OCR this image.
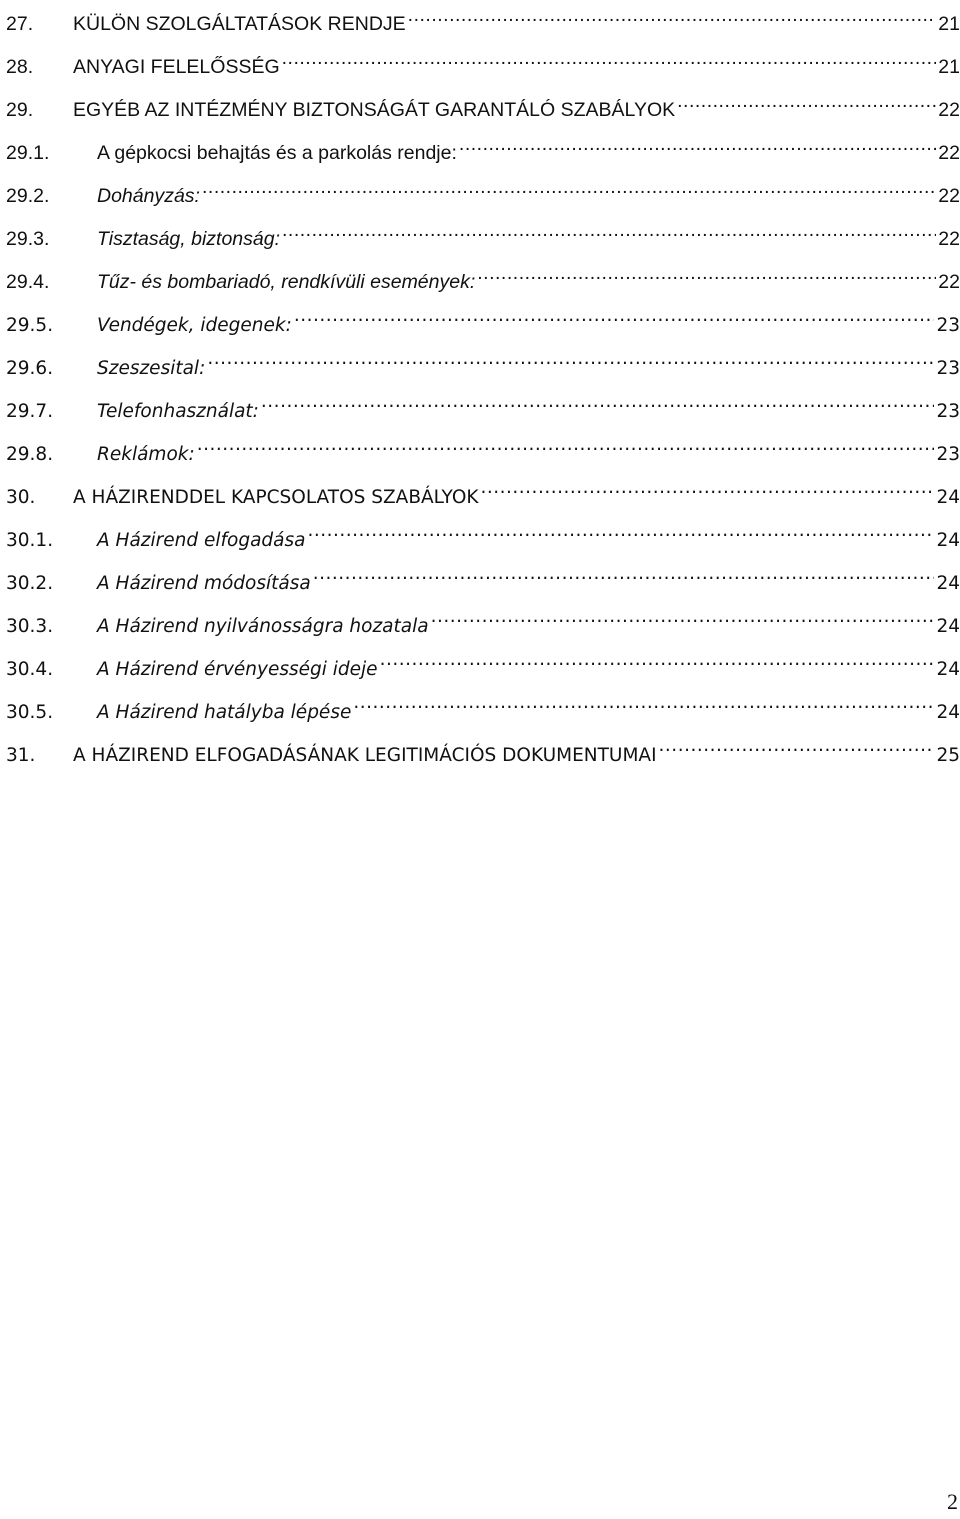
27.	KÜLÖN SZOLGÁLTATÁSOK RENDJE .....	21
28.	ANYAGI FELELŐSSÉG .....	21
29.	EGYÉB AZ INTÉZMÉNY BIZTONSÁGÁT GARANTÁLÓ SZABÁLYOK .....	22
29.1.	A gépkocsi behajtás és a parkolás rendje: .....	22
29.2.	Dohányzás: .....	22
29.3.	Tisztaság, biztonság: .....	22
29.4.	Tűz- és bombariadó, rendkívüli események: .....	22
29.5.	Vendégek, idegenek: .....	23
29.6.	Szeszesital: .....	23
29.7.	Telefonhasználat: .....	23
29.8.	Reklámok: .....	23
30.	A HÁZIRENDDEL KAPCSOLATOS SZABÁLYOK .....	24
30.1.	A Házirend elfogadása .....	24
30.2.	A Házirend módosítása .....	24
30.3.	A Házirend nyilvánosságra hozatala .....	24
30.4.	A Házirend érvényességi ideje .....	24
30.5.	A Házirend hatályba lépése .....	24
31.	A HÁZIREND ELFOGADÁSÁNAK LEGITIMÁCIÓS DOKUMENTUMAI .....	25
2
